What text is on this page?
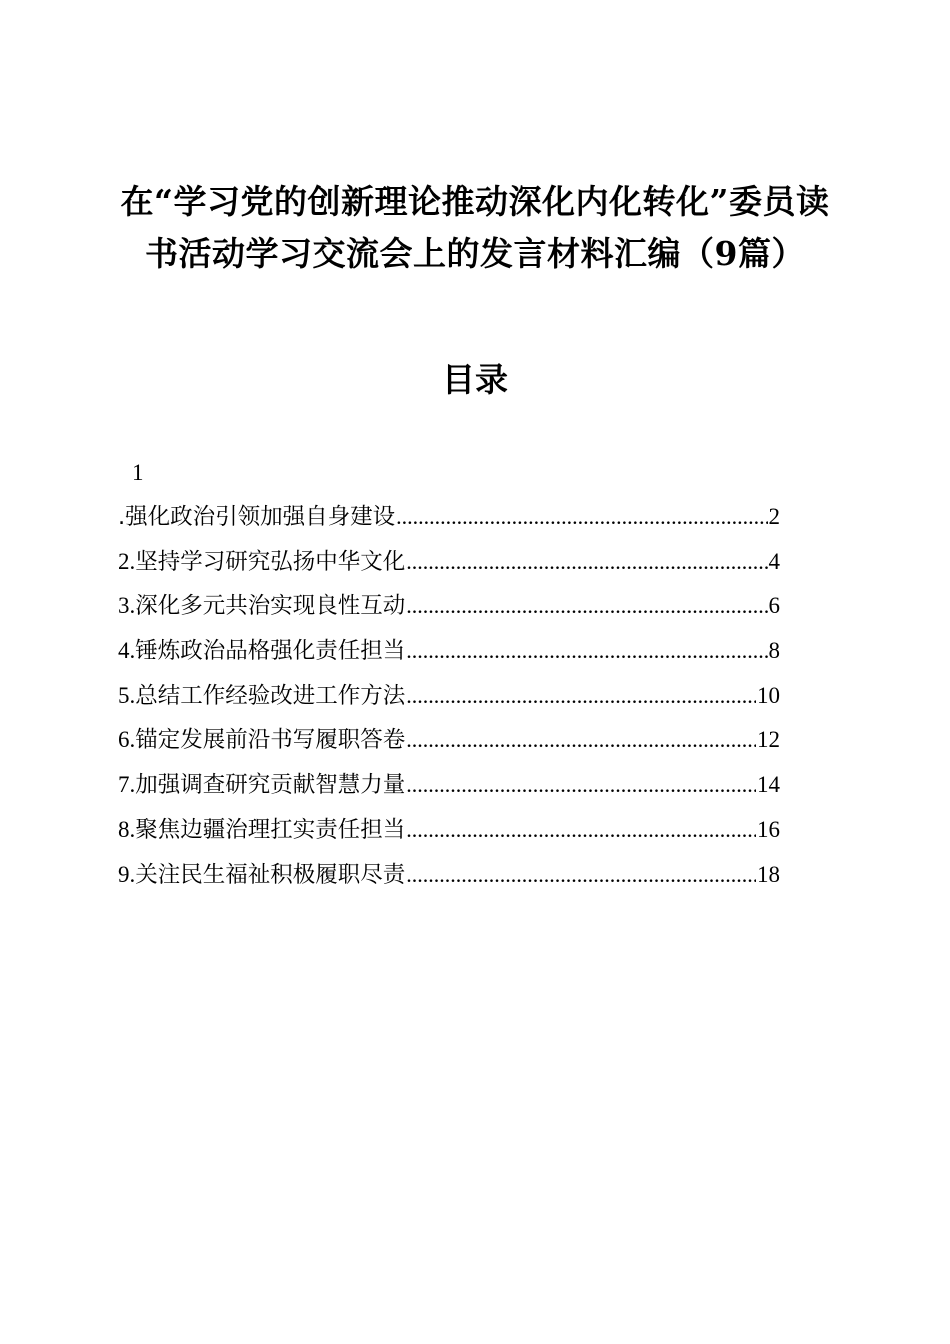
在“学习党的创新理论推动深化内化转化”委员读书活动学习交流会上的发言材料汇编（9篇）
目录
1
.强化政治引领加强自身建设 .....	2
2. 坚持学习研究弘扬中华文化 .....	4
3. 深化多元共治实现良性互动 .....	6
4. 锤炼政治品格强化责任担当 .....	8
5. 总结工作经验改进工作方法 .....	10
6. 锚定发展前沿书写履职答卷 .....	12
7. 加强调查研究贡献智慧力量 .....	14
8. 聚焦边疆治理扛实责任担当 .....	16
9. 关注民生福祉积极履职尽责 .....	18
